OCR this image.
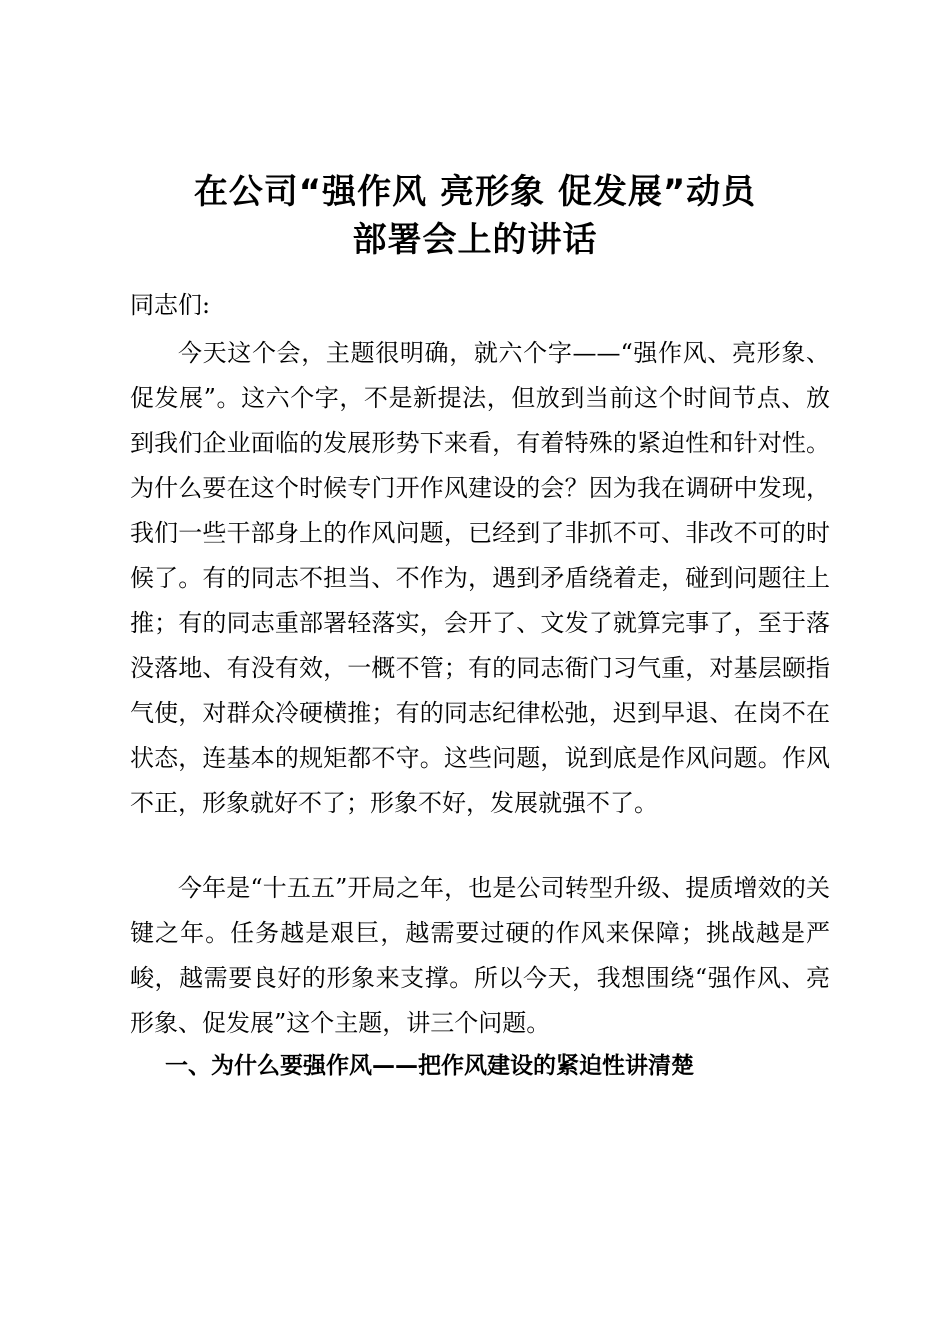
在公司“强作风 亮形象 促发展”动员
部署会上的讲话
同志们:

今天这个会，主题很明确，就六个字——“强作风、亮形象、促发展”。这六个字，不是新提法，但放到当前这个时间节点、放到我们企业面临的发展形势下来看，有着特殊的紧迫性和针对性。为什么要在这个时候专门开作风建设的会？因为我在调研中发现，我们一些干部身上的作风问题，已经到了非抓不可、非改不可的时候了。有的同志不担当、不作为，遇到矛盾绕着走，碰到问题往上推；有的同志重部署轻落实，会开了、文发了就算完事了，至于落没落地、有没有效，一概不管；有的同志衙门习气重，对基层颐指气使，对群众冷硬横推；有的同志纪律松弛，迟到早退、在岗不在状态，连基本的规矩都不守。这些问题，说到底是作风问题。作风不正，形象就好不了；形象不好，发展就强不了。

今年是“十五五”开局之年，也是公司转型升级、提质增效的关键之年。任务越是艰巨，越需要过硬的作风来保障；挑战越是严峻，越需要良好的形象来支撑。所以今天，我想围绕“强作风、亮形象、促发展”这个主题，讲三个问题。

一、为什么要强作风——把作风建设的紧迫性讲清楚
